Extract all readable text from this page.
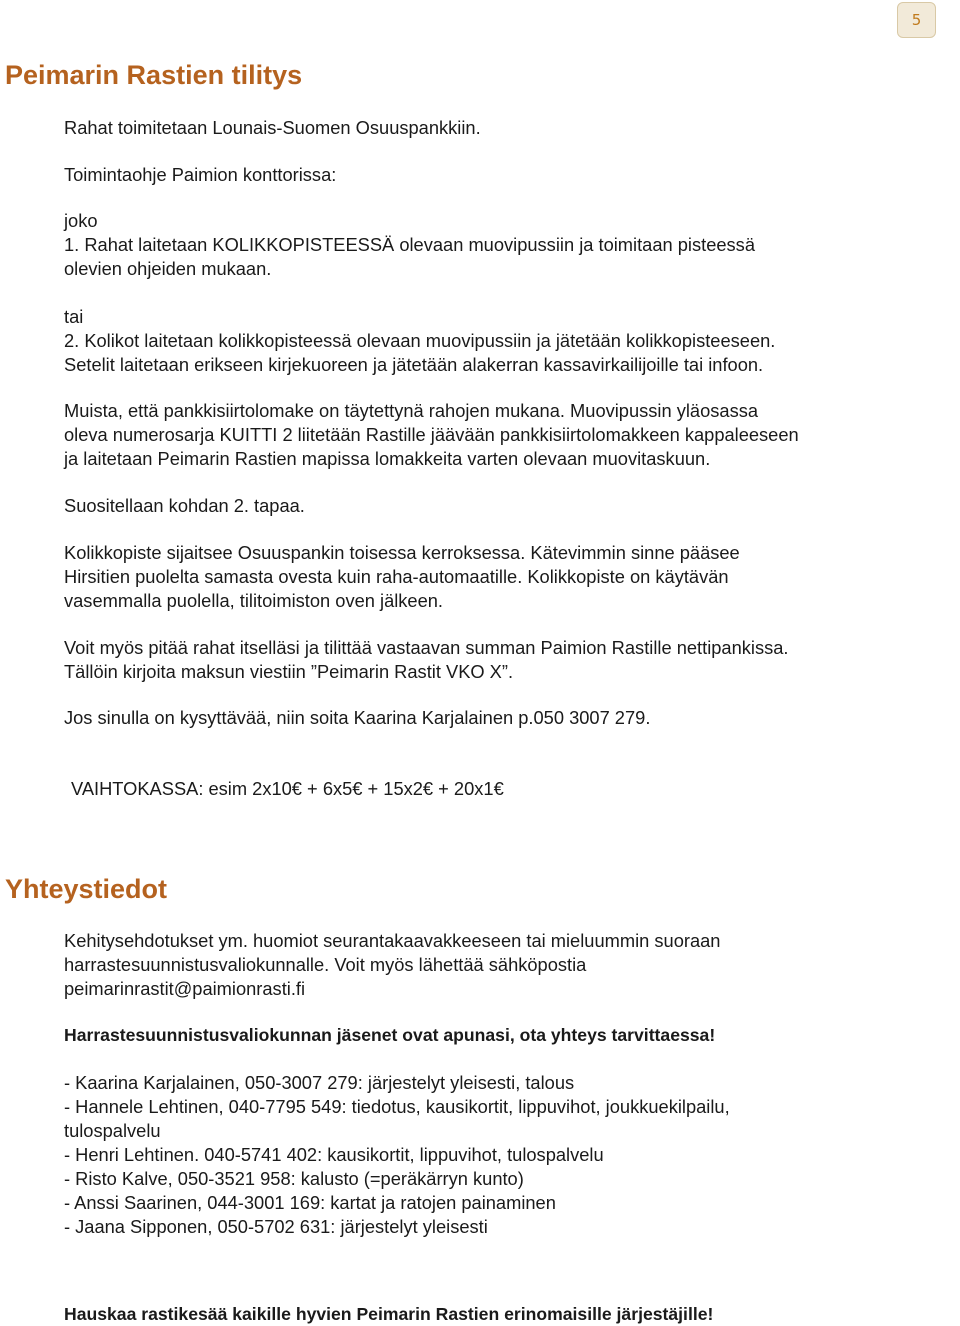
5
Peimarin Rastien tilitys

Rahat toimitetaan Lounais-Suomen Osuuspankkiin.

Toimintaohje Paimion konttorissa:

joko
1. Rahat laitetaan KOLIKKOPISTEESSÄ olevaan muovipussiin ja toimitaan pisteessä
olevien ohjeiden mukaan.
tai
2. Kolikot laitetaan kolikkopisteessä olevaan muovipussiin ja jätetään kolikkopisteeseen.
Setelit laitetaan erikseen kirjekuoreen ja jätetään alakerran kassavirkailijoille tai infoon.
Muista, että pankkisiirtolomake on täytettynä rahojen mukana. Muovipussin yläosassa
oleva numerosarja KUITTI 2 liitetään Rastille jäävään pankkisiirtolomakkeen kappaleeseen
ja laitetaan Peimarin Rastien mapissa lomakkeita varten olevaan muovitaskuun.

Suositellaan kohdan 2. tapaa.

Kolikkopiste sijaitsee Osuuspankin toisessa kerroksessa. Kätevimmin sinne pääsee
Hirsitien puolelta samasta ovesta kuin raha-automaatille. Kolikkopiste on käytävän
vasemmalla puolella, tilitoimiston oven jälkeen.
Voit myös pitää rahat itselläsi ja tilittää vastaavan summan Paimion Rastille nettipankissa.
Tällöin kirjoita maksun viestiin ”Peimarin Rastit VKO X”.

Jos sinulla on kysyttävää, niin soita Kaarina Karjalainen p.050 3007 279.

VAIHTOKASSA: esim 2x10€ + 6x5€ + 15x2€ + 20x1€

Yhteystiedot
Kehitysehdotukset ym. huomiot seurantakaavakkeeseen tai mieluummin suoraan
harrastesuunnistusvaliokunnalle. Voit myös lähettää sähköpostia
peimarinrastit@paimionrasti.fi

Harrastesuunnistusvaliokunnan jäsenet ovat apunasi, ota yhteys tarvittaessa!

- Kaarina Karjalainen, 050-3007 279: järjestelyt yleisesti, talous
- Hannele Lehtinen, 040-7795 549: tiedotus, kausikortit, lippuvihot, joukkuekilpailu,
tulospalvelu
- Henri Lehtinen. 040-5741 402: kausikortit, lippuvihot, tulospalvelu
- Risto Kalve, 050-3521 958: kalusto (=peräkärryn kunto)
- Anssi Saarinen, 044-3001 169: kartat ja ratojen painaminen
- Jaana Sipponen, 050-5702 631: järjestelyt yleisesti

Hauskaa rastikesää kaikille hyvien Peimarin Rastien erinomaisille järjestäjille!
